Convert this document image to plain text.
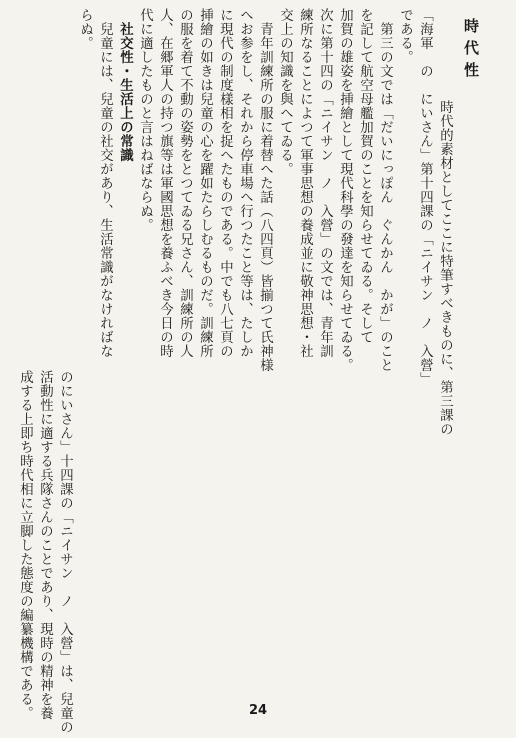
時代性
時代的素材としてここに特筆すべきものに、第三課の
「海軍　の　にいさん」第十四課の「ニイサン　ノ　入營」
である。
第三の文では「だいにっぽん　ぐんかん　かが」のこと
を記して航空母艦加賀のことを知らせてゐる。そして
加賀の雄姿を挿繪として現代科學の發達を知らせてゐる。
次に第十四の「ニイサン　ノ　入營」の文では、青年訓
練所なることによつて軍事思想の養成並に敬神思想・社
交上の知識を與へてゐる。
青年訓練所の服に着替へた話（八四頁）皆揃つて氏神様
へお参をし、それから停車場へ行つたこと等は、たしか
に現代の制度樣相を捉へたものである。中でも八七頁の
挿繪の如きは兒童の心を躍如たらしむるものだ。訓練所
の服を着て不動の姿勢をとつてゐる兄さん、訓練所の人
人、在郷軍人の持つ旗等は軍國思想を養ふべき今日の時
代に適したものと言はねばならぬ。
社交性・生活上の常識
兒童には、兒童の社交があり、生活常識がなければな
らぬ。
のにいさん」十四課の「ニイサン　ノ　入營」は、兒童の
活動性に適する兵隊さんのことであり、現時の精神を養
成する上即ち時代相に立脚した態度の編纂機構である。	24
